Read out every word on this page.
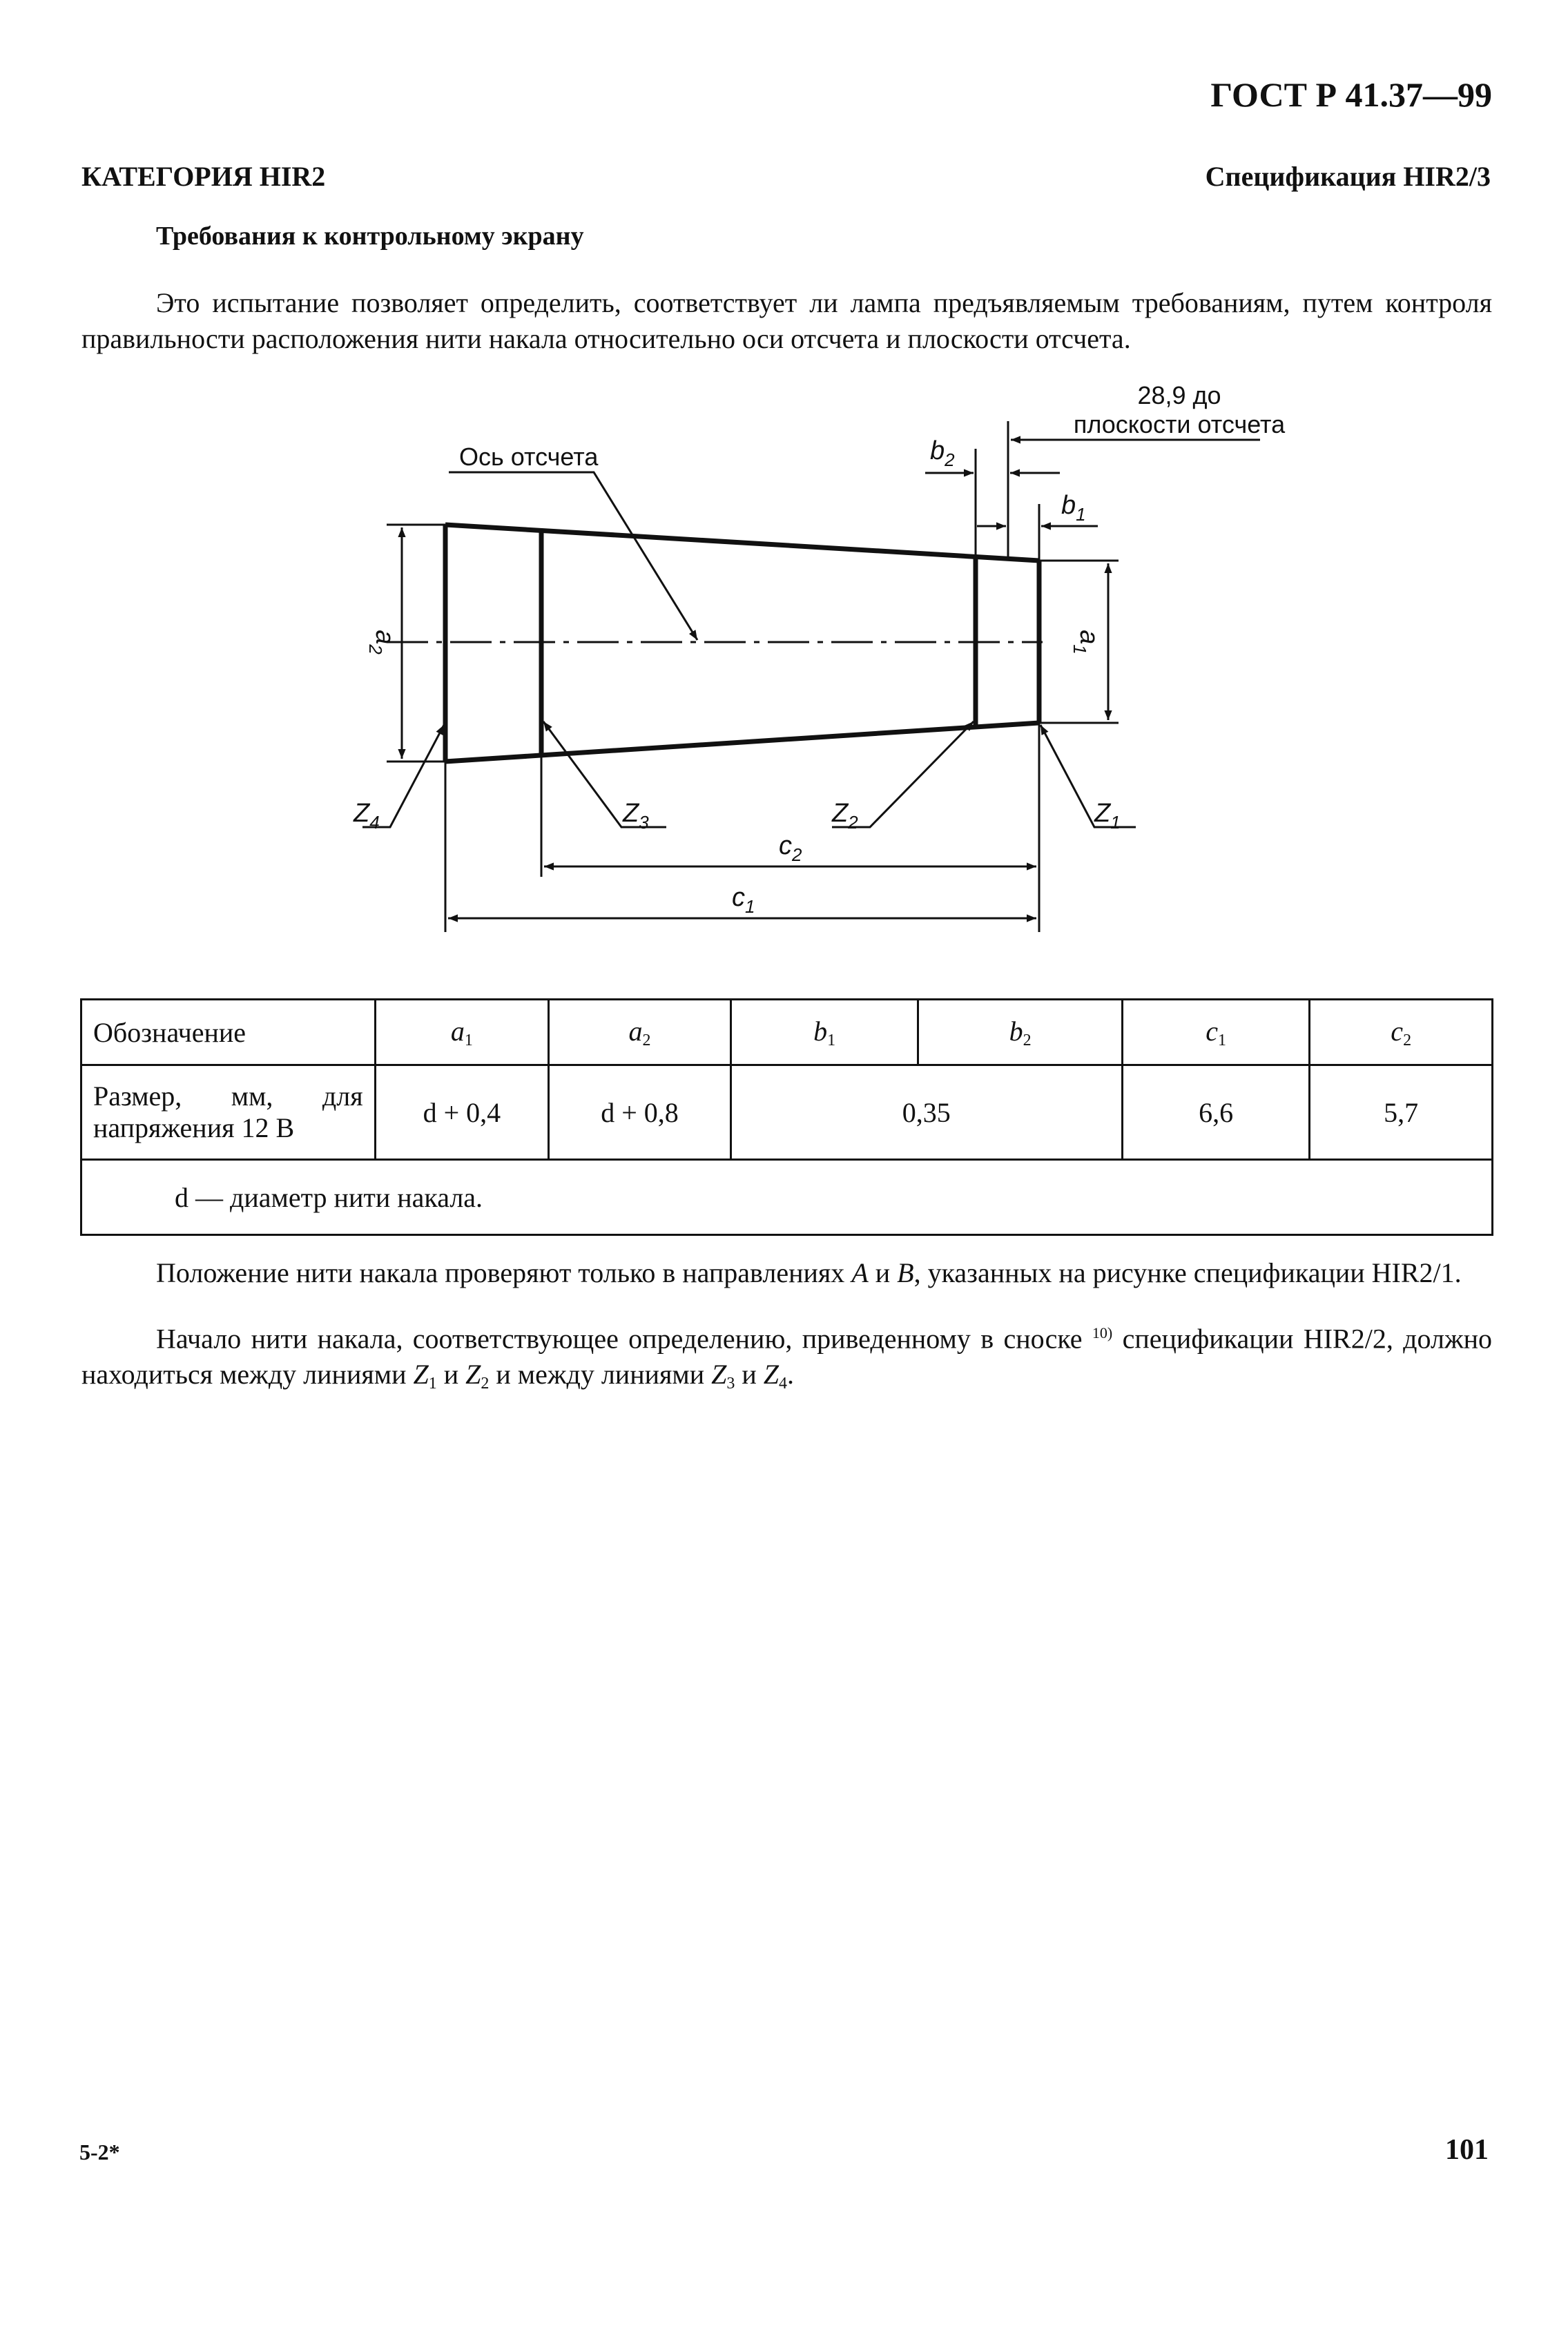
ГОСТ Р 41.37—99
КАТЕГОРИЯ HIR2	Спецификация HIR2/3
Требования к контрольному экрану
Это испытание позволяет определить, соответствует ли лампа предъявляемым требованиям, путем контроля правильности расположения нити накала относительно оси отсчета и плоскости отсчета.
28,9 до
плоскости отсчета
Ось отсчета	$b_2$
$b_1$
$a_2$
$a_1$
$c_2$
$c_1$
$Z_4$	$Z_3$	$Z_2$	$Z_1$
Обозначение	$a_1$	$a_2$	$b_1$	$b_2$	$c_1$	$c_2$
Размер, мм, для напряжения 12 В	d + 0,4	d + 0,8	0,35		6,6	5,7
d — диаметр нити накала.						
Положение нити накала проверяют только в направлениях A и B, указанных на рисунке спецификации HIR2/1.
Начало нити накала, соответствующее определению, приведенному в сноске $^{10)}$ спецификации HIR2/2, должно находиться между линиями $Z_1$ и $Z_2$ и между линиями $Z_3$ и $Z_4$.
5-2*	101
